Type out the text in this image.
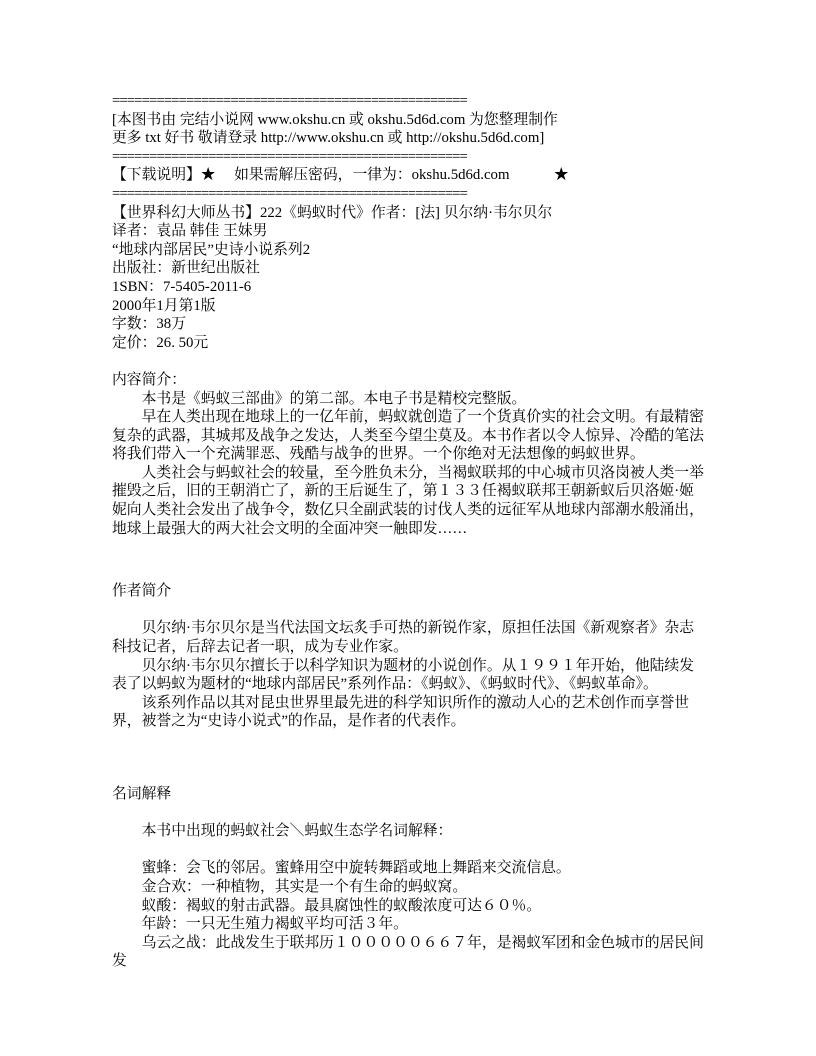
================================================
[本图书由 完结小说网 www.okshu.cn 或 okshu.5d6d.com 为您整理制作
更多 txt 好书 敬请登录 http://www.okshu.cn 或 http://okshu.5d6d.com]
================================================
【下载说明】★　 如果需解压密码，一律为：okshu.5d6d.com　　　★
================================================
【世界科幻大师丛书】222《蚂蚁时代》作者：[法] 贝尔纳·韦尔贝尔
译者：袁品 韩佳 王妹男
“地球内部居民”史诗小说系列2
出版社：新世纪出版社
1SBN：7-5405-2011-6
2000年1月第1版
字数：38万
定价：26. 50元
内容简介：

　　本书是《蚂蚁三部曲》的第二部。本电子书是精校完整版。

　　早在人类出现在地球上的一亿年前，蚂蚁就创造了一个货真价实的社会文明。有最精密复杂的武器，其城邦及战争之发达，人类至今望尘莫及。本书作者以令人惊异、冷酷的笔法将我们带入一个充满罪恶、残酷与战争的世界。一个你绝对无法想像的蚂蚁世界。

　　人类社会与蚂蚁社会的较量，至今胜负未分，当褐蚁联邦的中心城市贝洛岗被人类一举摧毁之后，旧的王朝消亡了，新的王后诞生了，第１３３任褐蚁联邦王朝新蚁后贝洛姬·姬妮向人类社会发出了战争令，数亿只全副武装的讨伐人类的远征军从地球内部潮水般涌出，地球上最强大的两大社会文明的全面冲突一触即发……

作者简介

　　贝尔纳·韦尔贝尔是当代法国文坛炙手可热的新锐作家，原担任法国《新观察者》杂志科技记者，后辞去记者一职，成为专业作家。

　　贝尔纳·韦尔贝尔擅长于以科学知识为题材的小说创作。从１９９１年开始，他陆续发表了以蚂蚁为题材的“地球内部居民”系列作品：《蚂蚁》、《蚂蚁时代》、《蚂蚁革命》。

　　该系列作品以其对昆虫世界里最先进的科学知识所作的激动人心的艺术创作而享誉世界，被誉之为“史诗小说式”的作品，是作者的代表作。

名词解释
　　本书中出现的蚂蚁社会＼蚂蚁生态学名词解释：
　　蜜蜂：会飞的邻居。蜜蜂用空中旋转舞蹈或地上舞蹈来交流信息。
　　金合欢：一种植物，其实是一个有生命的蚂蚁窝。
　　蚁酸：褐蚁的射击武器。最具腐蚀性的蚁酸浓度可达６０％。
　　年龄：一只无生殖力褐蚁平均可活３年。
　　乌云之战：此战发生于联邦历１０００００６６７年，是褐蚁军团和金色城市的居民间发
